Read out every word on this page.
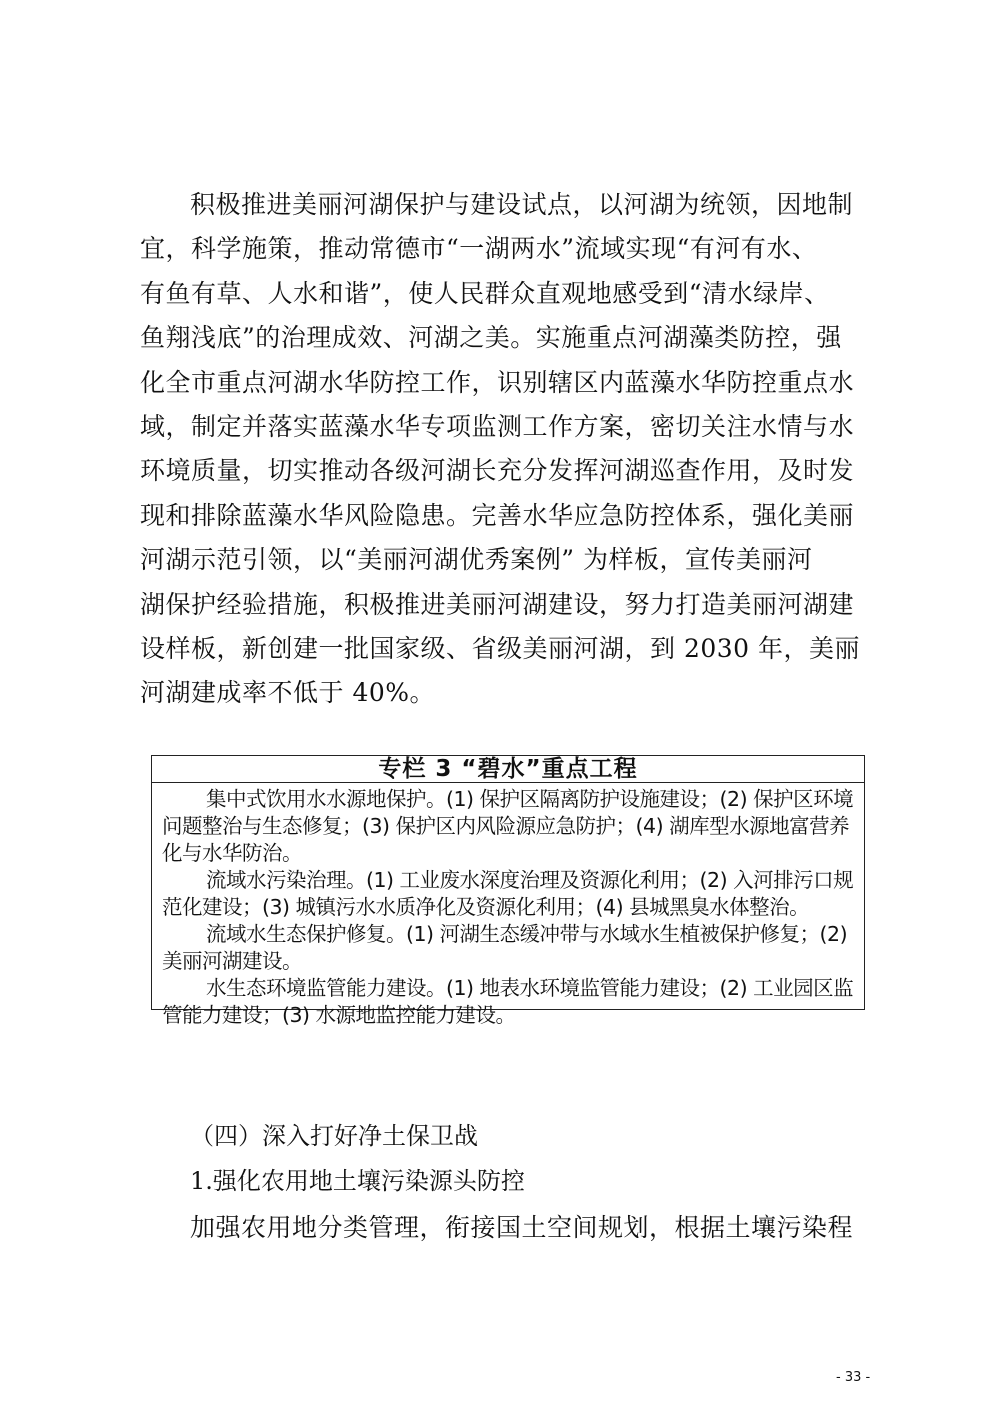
积极推进美丽河湖保护与建设试点，以河湖为统领，因地制
宜，科学施策，推动常德市“一湖两水”流域实现“有河有水、
有鱼有草、人水和谐”，使人民群众直观地感受到“清水绿岸、
鱼翔浅底”的治理成效、河湖之美。实施重点河湖藻类防控，强
化全市重点河湖水华防控工作，识别辖区内蓝藻水华防控重点水
域，制定并落实蓝藻水华专项监测工作方案，密切关注水情与水
环境质量，切实推动各级河湖长充分发挥河湖巡查作用，及时发
现和排除蓝藻水华风险隐患。完善水华应急防控体系，强化美丽
河湖示范引领，以“美丽河湖优秀案例” 为样板，宣传美丽河
湖保护经验措施，积极推进美丽河湖建设，努力打造美丽河湖建
设样板，新创建一批国家级、省级美丽河湖，到 2030 年，美丽
河湖建成率不低于 40%。

专栏 3 “碧水”重点工程
集中式饮用水水源地保护。(1) 保护区隔离防护设施建设；(2) 保护区环境
问题整治与生态修复；(3) 保护区内风险源应急防护；(4) 湖库型水源地富营养
化与水华防治。
流域水污染治理。(1) 工业废水深度治理及资源化利用；(2) 入河排污口规
范化建设；(3) 城镇污水水质净化及资源化利用；(4) 县城黑臭水体整治。
流域水生态保护修复。(1) 河湖生态缓冲带与水域水生植被保护修复；(2)
美丽河湖建设。
水生态环境监管能力建设。(1) 地表水环境监管能力建设；(2) 工业园区监
管能力建设；(3) 水源地监控能力建设。
（四）深入打好净土保卫战
1.强化农用地土壤污染源头防控

加强农用地分类管理，衔接国土空间规划，根据土壤污染程

- 33 -
